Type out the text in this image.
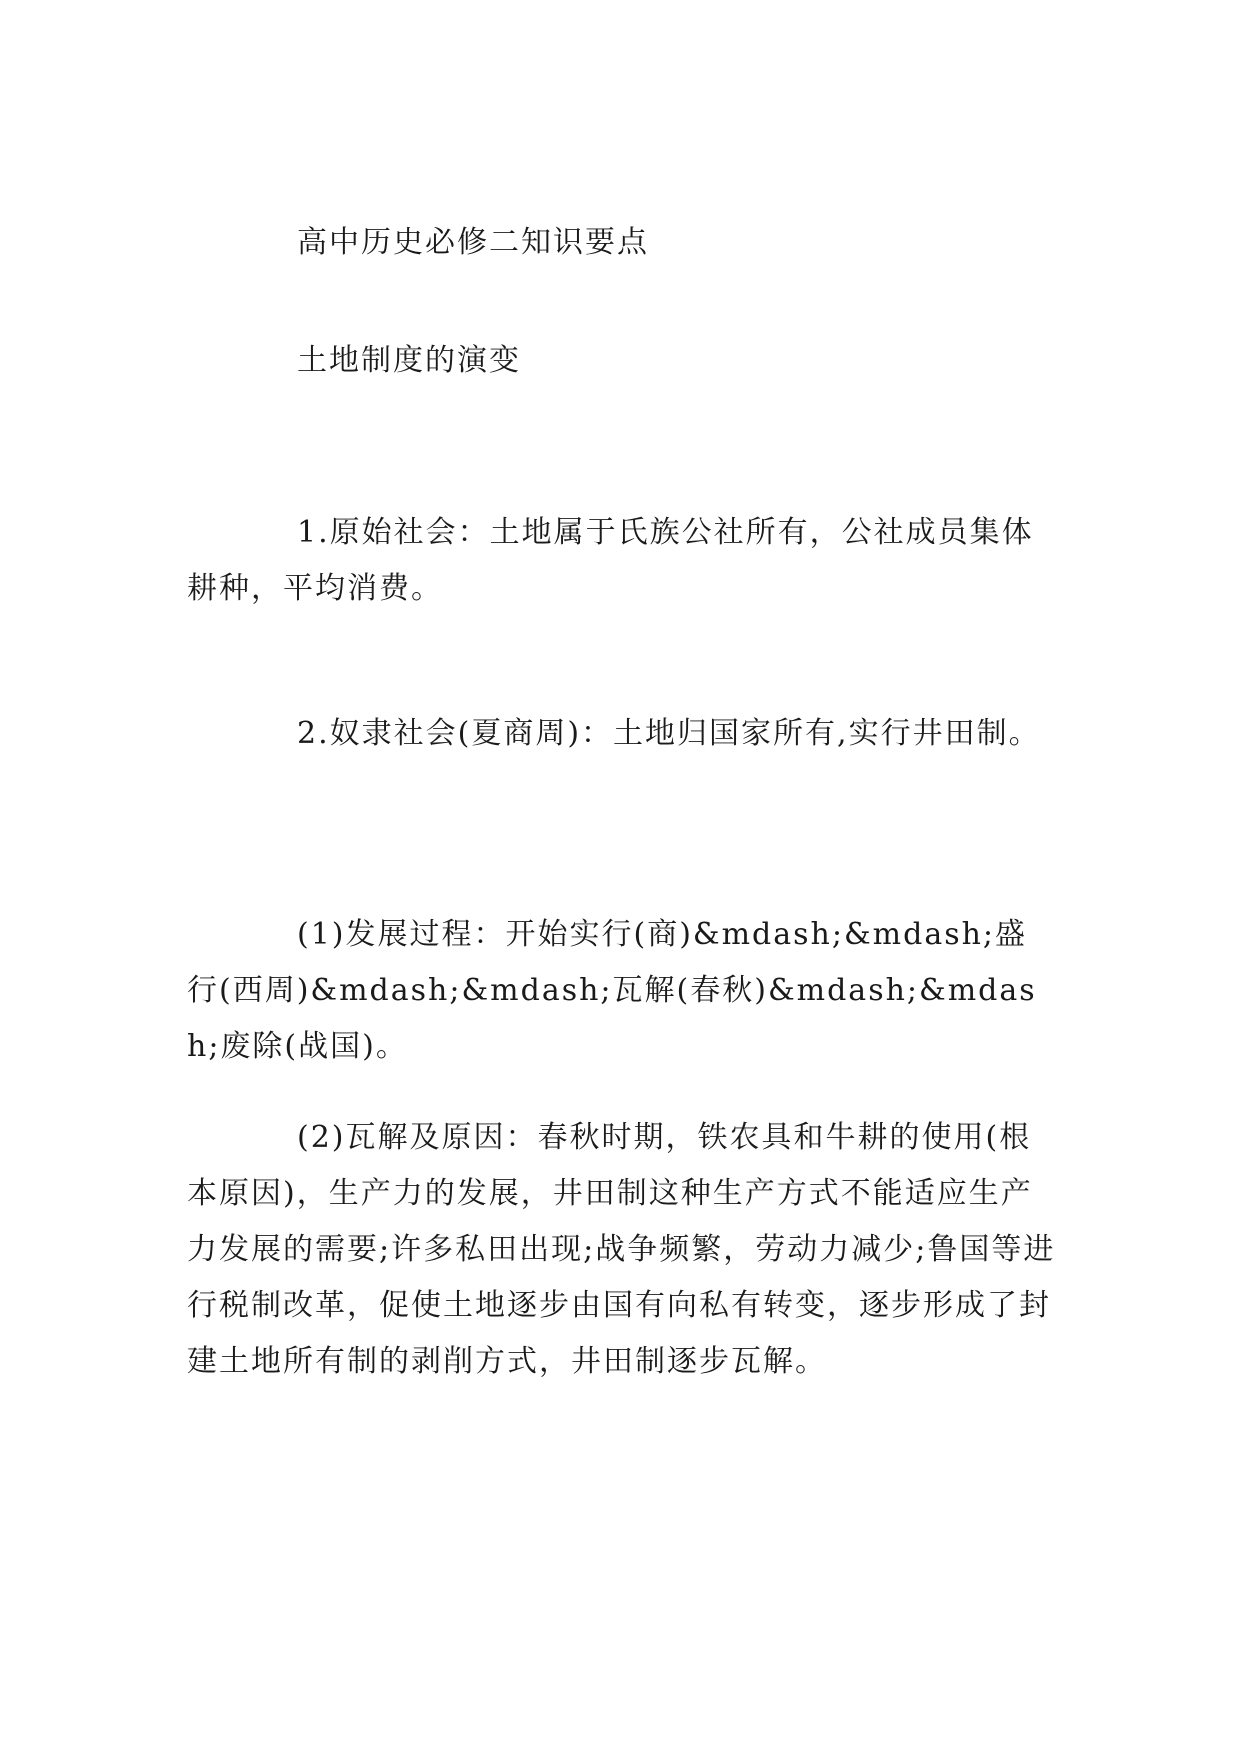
高中历史必修二知识要点

土地制度的演变

1.原始社会：土地属于氏族公社所有，公社成员集体耕种，平均消费。

2.奴隶社会(夏商周)：土地归国家所有,实行井田制。

(1)发展过程：开始实行(商)&mdash;&mdash;盛行(西周)&mdash;&mdash;瓦解(春秋)&mdash;&mdash;废除(战国)。

(2)瓦解及原因：春秋时期，铁农具和牛耕的使用(根本原因)，生产力的发展，井田制这种生产方式不能适应生产力发展的需要;许多私田出现;战争频繁，劳动力减少;鲁国等进行税制改革，促使土地逐步由国有向私有转变，逐步形成了封建土地所有制的剥削方式，井田制逐步瓦解。
